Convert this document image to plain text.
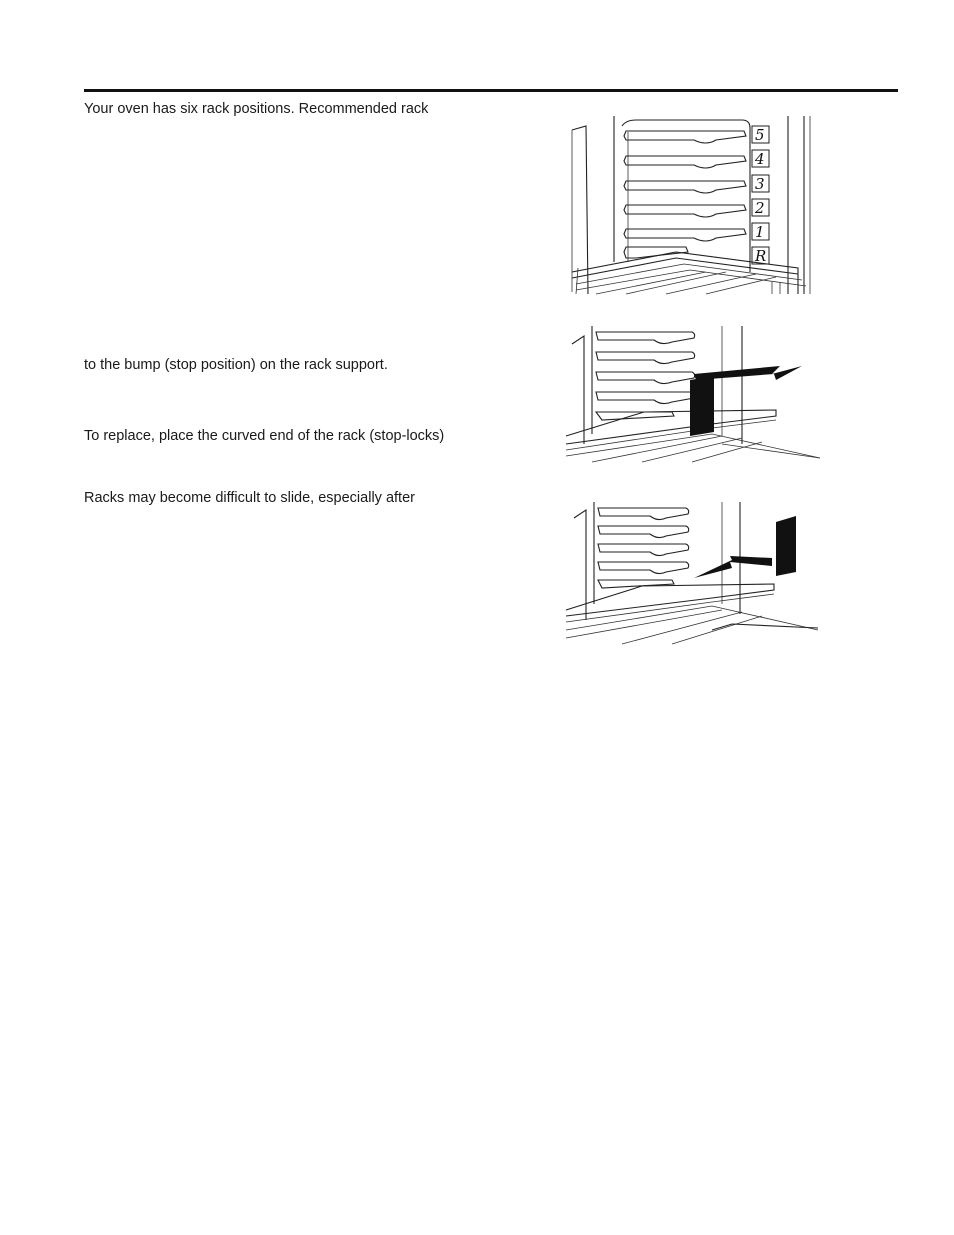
Your oven has six rack positions. Recommended rack
to the bump (stop position) on the rack support.
To replace, place the curved end of the rack (stop-locks)
Racks may become difficult to slide, especially after
5
4
3
2
1
R
